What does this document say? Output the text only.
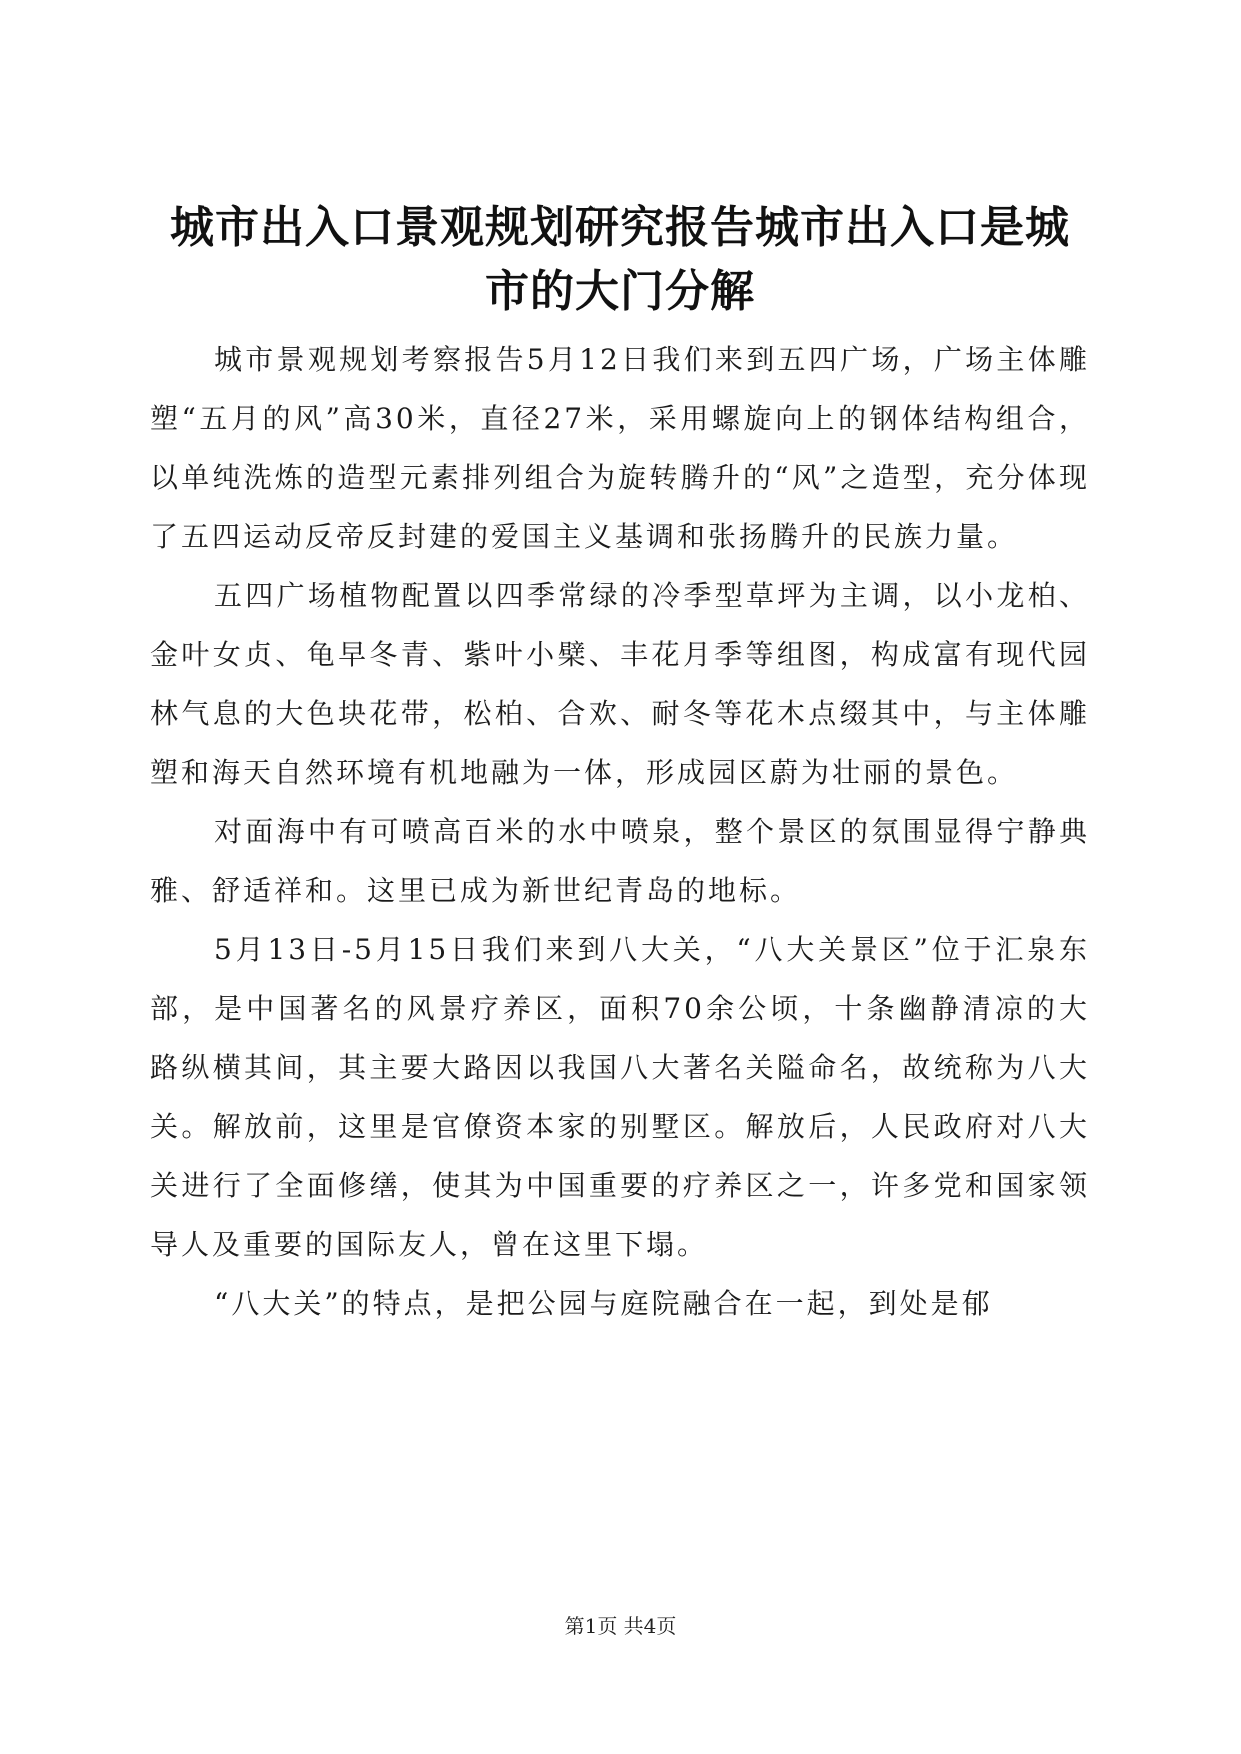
城市出入口景观规划研究报告城市出入口是城市的大门分解

城市景观规划考察报告5月12日我们来到五四广场，广场主体雕塑“五月的风”高30米，直径27米，采用螺旋向上的钢体结构组合，以单纯洗炼的造型元素排列组合为旋转腾升的“风”之造型，充分体现了五四运动反帝反封建的爱国主义基调和张扬腾升的民族力量。

五四广场植物配置以四季常绿的冷季型草坪为主调，以小龙柏、金叶女贞、龟早冬青、紫叶小檗、丰花月季等组图，构成富有现代园林气息的大色块花带，松柏、合欢、耐冬等花木点缀其中，与主体雕塑和海天自然环境有机地融为一体，形成园区蔚为壮丽的景色。

对面海中有可喷高百米的水中喷泉，整个景区的氛围显得宁静典雅、舒适祥和。这里已成为新世纪青岛的地标。

5月13日-5月15日我们来到八大关，“八大关景区”位于汇泉东部，是中国著名的风景疗养区，面积70余公顷，十条幽静清凉的大路纵横其间，其主要大路因以我国八大著名关隘命名，故统称为八大关。解放前，这里是官僚资本家的别墅区。解放后，人民政府对八大关进行了全面修缮，使其为中国重要的疗养区之一，许多党和国家领导人及重要的国际友人，曾在这里下塌。

“八大关”的特点，是把公园与庭院融合在一起，到处是郁

第1页 共4页
